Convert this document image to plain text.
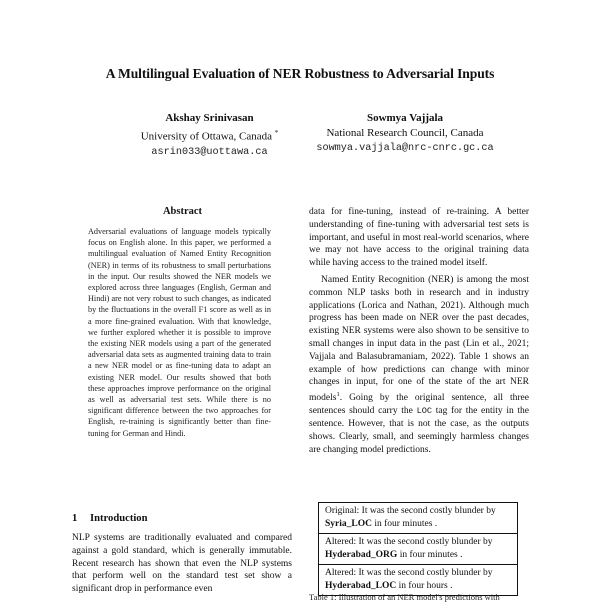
A Multilingual Evaluation of NER Robustness to Adversarial Inputs
Akshay Srinivasan
University of Ottawa, Canada *
asrin033@uottawa.ca
Sowmya Vajjala
National Research Council, Canada
sowmya.vajjala@nrc-cnrc.gc.ca
Abstract
Adversarial evaluations of language models typically focus on English alone. In this paper, we performed a multilingual evaluation of Named Entity Recognition (NER) in terms of its robustness to small perturbations in the input. Our results showed the NER models we explored across three languages (English, German and Hindi) are not very robust to such changes, as indicated by the fluctuations in the overall F1 score as well as in a more fine-grained evaluation. With that knowledge, we further explored whether it is possible to improve the existing NER models using a part of the generated adversarial data sets as augmented training data to train a new NER model or as fine-tuning data to adapt an existing NER model. Our results showed that both these approaches improve performance on the original as well as adversarial test sets. While there is no significant difference between the two approaches for English, re-training is significantly better than fine-tuning for German and Hindi.
1 Introduction
NLP systems are traditionally evaluated and compared against a gold standard, which is generally immutable. Recent research has shown that even the NLP systems that perform well on the standard test set show a significant drop in performance even

data for fine-tuning, instead of re-training. A better understanding of fine-tuning with adversarial test sets is important, and useful in most real-world scenarios, where we may not have access to the original training data while having access to the trained model itself.

Named Entity Recognition (NER) is among the most common NLP tasks both in research and in industry applications (Lorica and Nathan, 2021). Although much progress has been made on NER over the past decades, existing NER systems were also shown to be sensitive to small changes in input data in the past (Lin et al., 2021; Vajjala and Balasubramaniam, 2022). Table 1 shows an example of how predictions can change with minor changes in input, for one of the state of the art NER models$^1$. Going by the original sentence, all three sentences should carry the LOC tag for the entity in the sentence. However, that is not the case, as the outputs shows. Clearly, small, and seemingly harmless changes are changing model predictions.

Original: It was the second costly blunder by Syria_LOC in four minutes .
Altered: It was the second costly blunder by Hyderabad_ORG in four minutes .
Altered: It was the second costly blunder by Hyderabad_LOC in four hours .
Table 1: Illustration of an NER model's predictions with
